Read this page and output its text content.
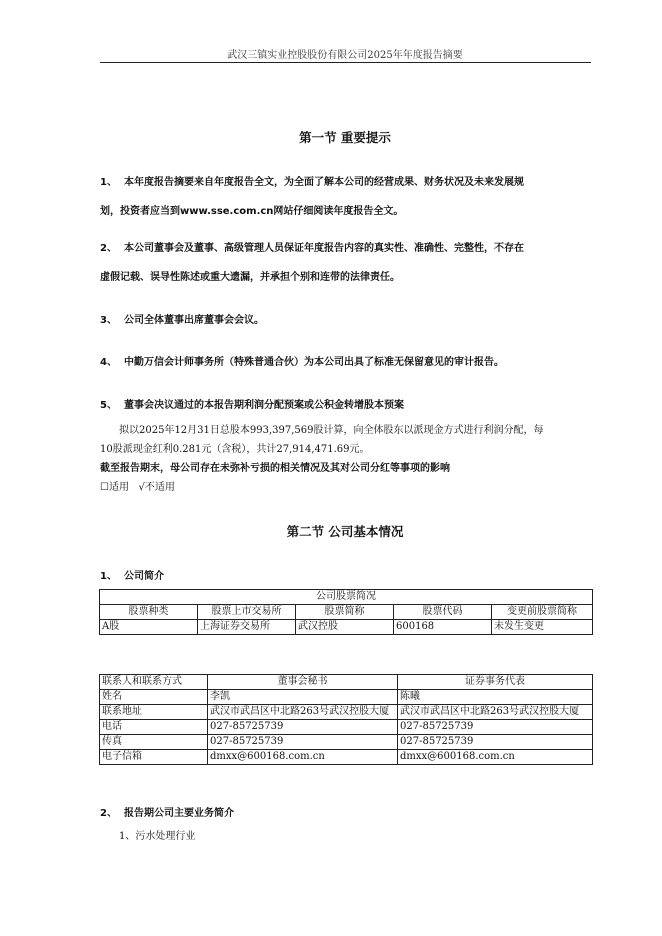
武汉三镇实业控股股份有限公司2025年年度报告摘要
第一节 重要提示
1、 本年度报告摘要来自年度报告全文，为全面了解本公司的经营成果、财务状况及未来发展规
划，投资者应当到www.sse.com.cn网站仔细阅读年度报告全文。
2、 本公司董事会及董事、高级管理人员保证年度报告内容的真实性、准确性、完整性，不存在
虚假记载、误导性陈述或重大遗漏，并承担个别和连带的法律责任。
3、 公司全体董事出席董事会会议。
4、 中勤万信会计师事务所（特殊普通合伙）为本公司出具了标准无保留意见的审计报告。
5、 董事会决议通过的本报告期利润分配预案或公积金转增股本预案
拟以2025年12月31日总股本993,397,569股计算，向全体股东以派现金方式进行利润分配，每
10股派现金红利0.281元（含税），共计27,914,471.69元。
截至报告期末，母公司存在未弥补亏损的相关情况及其对公司分红等事项的影响
☐适用 √不适用
第二节 公司基本情况
1、 公司简介
公司股票简况				
股票种类	股票上市交易所	股票简称	股票代码	变更前股票简称
A股	上海证券交易所	武汉控股	600168	未发生变更
联系人和联系方式	董事会秘书	证券事务代表
姓名	李凯	陈曦
联系地址	武汉市武昌区中北路263号武汉控股大厦	武汉市武昌区中北路263号武汉控股大厦
电话	027-85725739	027-85725739
传真	027-85725739	027-85725739
电子信箱	dmxx@600168.com.cn	dmxx@600168.com.cn
2、 报告期公司主要业务简介
1、污水处理行业
